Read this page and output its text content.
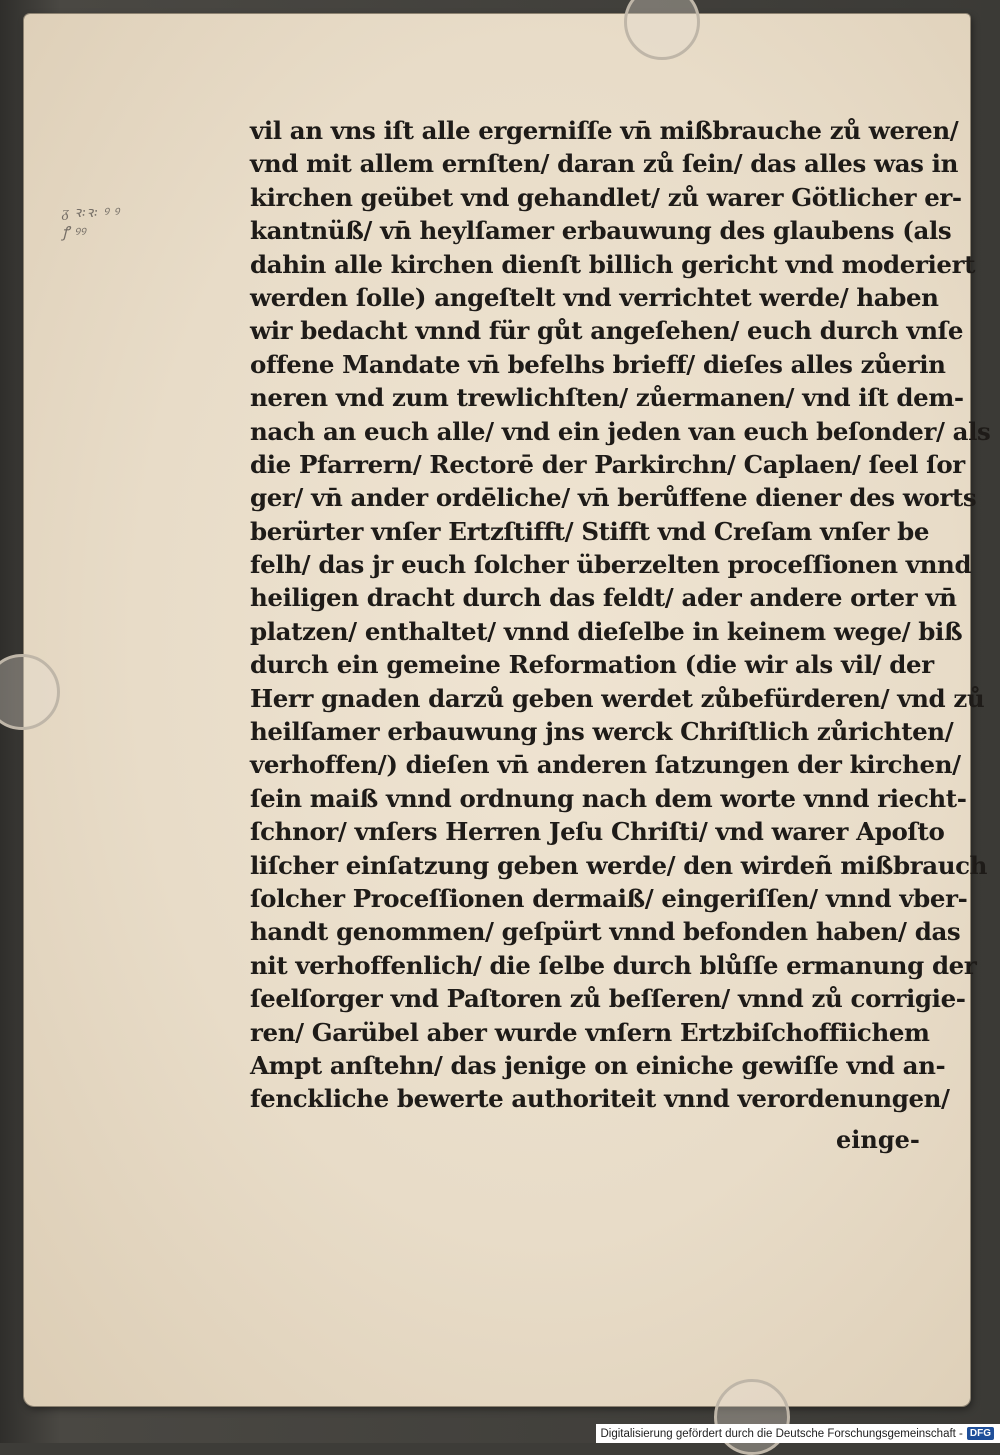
ᵹ ꝛ꞉ꝛ꞉ ꝰ ꝰ
ꝭ ꝰꝰ
vil an vns iſt alle ergerniſſe vn̄ mißbrauche zů weren/
vnd mit allem ernſten/ daran zů ſein/ das alles was in
kirchen geübet vnd gehandlet/ zů warer Götlicher er-
kantnüß/ vn̄ heylſamer erbauwung des glaubens (als
dahin alle kirchen dienſt billich gericht vnd moderiert
werden ſolle) angeſtelt vnd verrichtet werde/ haben
wir bedacht vnnd für gůt angeſehen/ euch durch vnſe
offene Mandate vn̄ befelhs brieff/ dieſes alles zůerin
neren vnd zum trewlichſten/ zůermanen/ vnd iſt dem-
nach an euch alle/ vnd ein jeden van euch beſonder/ als
die Pfarrern/ Rectorē der Parkirchn/ Caplaen/ ſeel ſor
ger/ vn̄ ander ordēliche/ vn̄ berůffene diener des worts
berürter vnſer Ertzſtifft/ Stifft vnd Creſam vnſer be
felh/ das jr euch ſolcher überzelten proceſſionen vnnd
heiligen dracht durch das feldt/ ader andere orter vn̄
platzen/ enthaltet/ vnnd dieſelbe in keinem wege/ biß
durch ein gemeine Reformation (die wir als vil/ der
Herr gnaden darzů geben werdet zůbefürderen/ vnd zů
heilſamer erbauwung jns werck Chriſtlich zůrichten/
verhoffen/) dieſen vn̄ anderen ſatzungen der kirchen/
ſein maiß vnnd ordnung nach dem worte vnnd riecht-
ſchnor/ vnſers Herren Jeſu Chriſti/ vnd warer Apoſto
liſcher einſatzung geben werde/ den wirdeñ mißbrauch
ſolcher Proceſſionen dermaiß/ eingeriſſen/ vnnd vber-
handt genommen/ geſpürt vnnd befonden haben/ das
nit verhoffenlich/ die ſelbe durch blůſſe ermanung der
ſeelſorger vnd Paſtoren zů beſſeren/ vnnd zů corrigie-
ren/ Garübel aber wurde vnſern Ertzbiſchoffiichem
Ampt anſtehn/ das jenige on einiche gewiſſe vnd an-
fenckliche bewerte authoriteit vnnd verordenungen/
einge-
Digitalisierung gefördert durch die Deutsche Forschungsgemeinschaft - DFG
